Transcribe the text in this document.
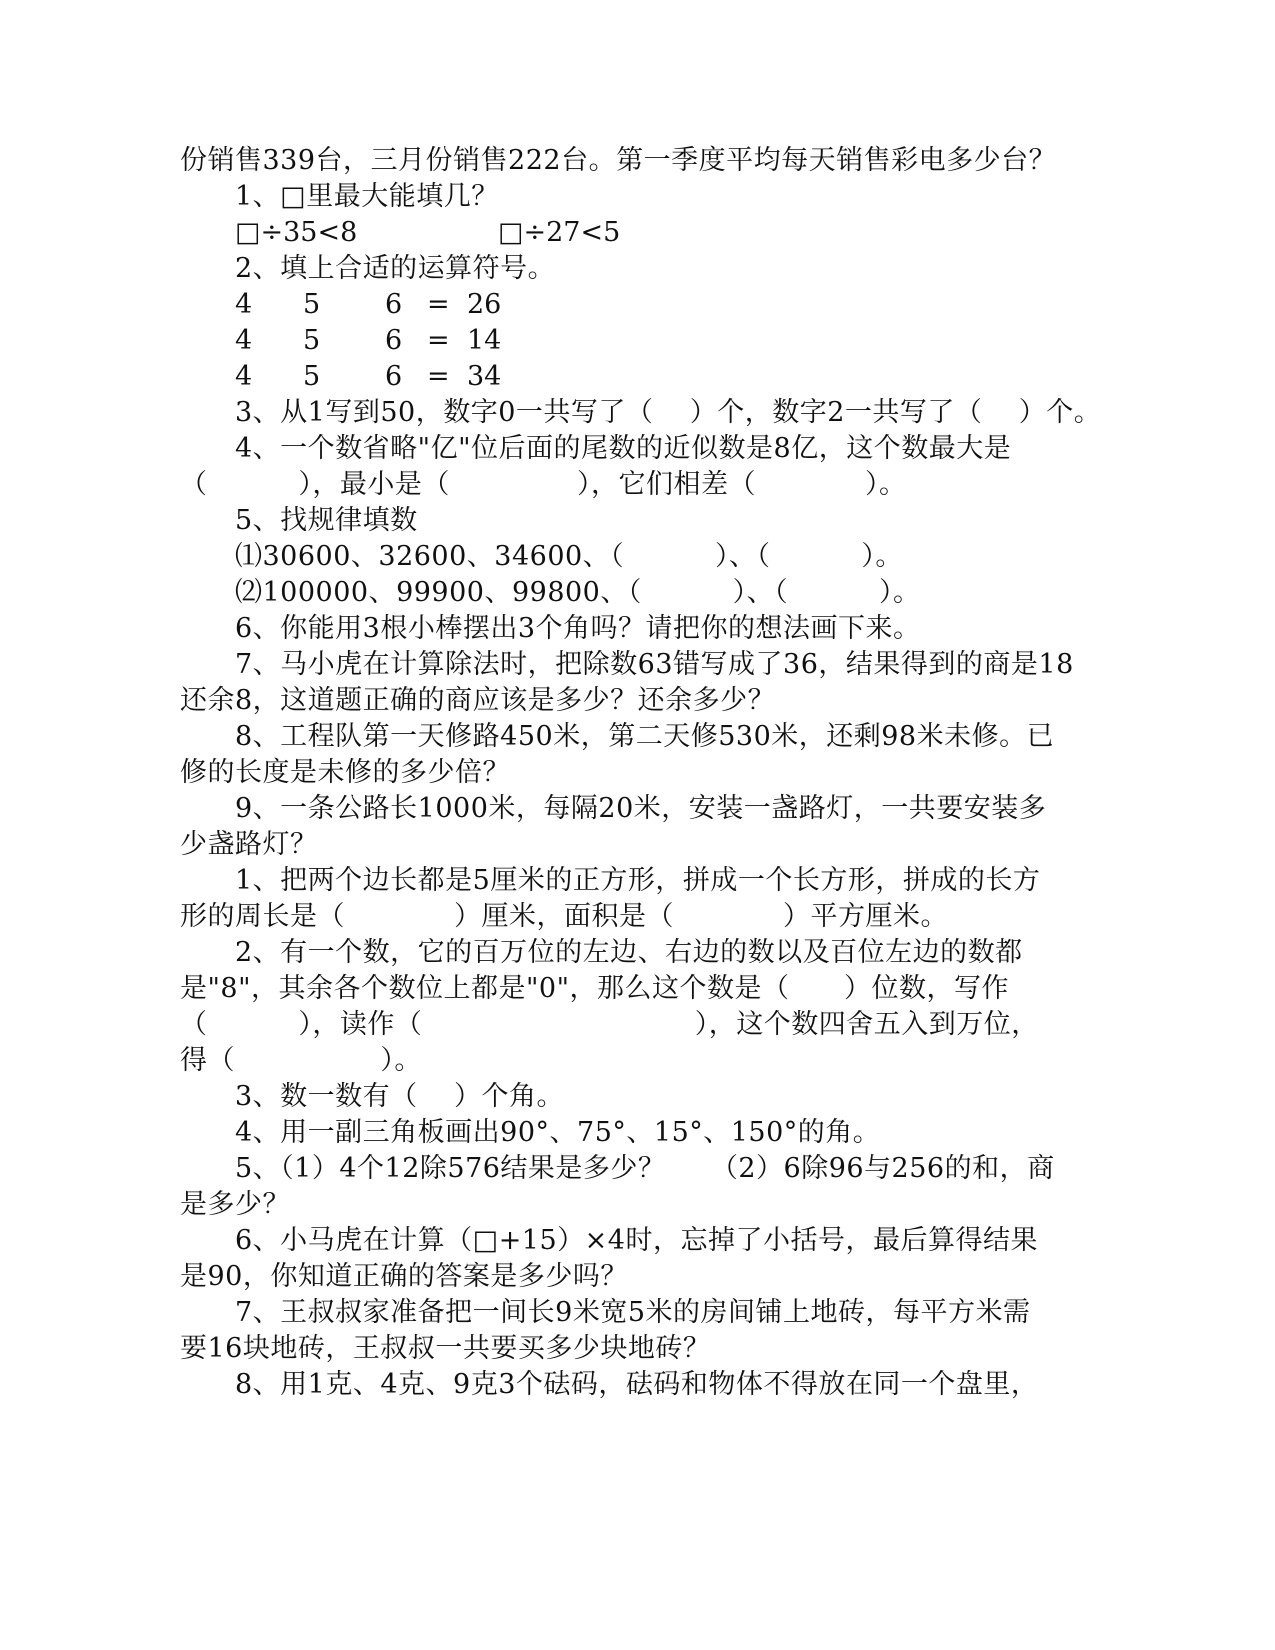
份销售339台，三月份销售222台。第一季度平均每天销售彩电多少台？
1、□里最大能填几？
□÷35<8	□÷27<5
2、填上合适的运算符号。
4 5 6 = 26
4 5 6 = 14
4 5 6 = 34
3、从1写到50，数字0一共写了（    ）个，数字2一共写了（    ）个。
4、一个数省略"亿"位后面的尾数的近似数是8亿，这个数最大是
（          ），最小是（              ），它们相差（            ）。
5、找规律填数
⑴30600、32600、34600、（          ）、（          ）。
⑵100000、99900、99800、（          ）、（          ）。
6、你能用3根小棒摆出3个角吗？请把你的想法画下来。
7、马小虎在计算除法时，把除数63错写成了36，结果得到的商是18
还余8，这道题正确的商应该是多少？还余多少？
8、工程队第一天修路450米，第二天修530米，还剩98米未修。已
修的长度是未修的多少倍？
9、一条公路长1000米，每隔20米，安装一盏路灯，一共要安装多
少盏路灯？
1、把两个边长都是5厘米的正方形，拼成一个长方形，拼成的长方
形的周长是（            ）厘米，面积是（            ）平方厘米。
2、有一个数，它的百万位的左边、右边的数以及百位左边的数都
是"8"，其余各个数位上都是"0"，那么这个数是（      ）位数，写作
（          ），读作（                              ），这个数四舍五入到万位，
得（                ）。
3、数一数有（    ）个角。
4、用一副三角板画出90°、75°、15°、150°的角。
5、（1）4个12除576结果是多少？     （2）6除96与256的和，商
是多少？
6、小马虎在计算（□+15）×4时，忘掉了小括号，最后算得结果
是90，你知道正确的答案是多少吗？
7、王叔叔家准备把一间长9米宽5米的房间铺上地砖，每平方米需
要16块地砖，王叔叔一共要买多少块地砖？
8、用1克、4克、9克3个砝码，砝码和物体不得放在同一个盘里，
